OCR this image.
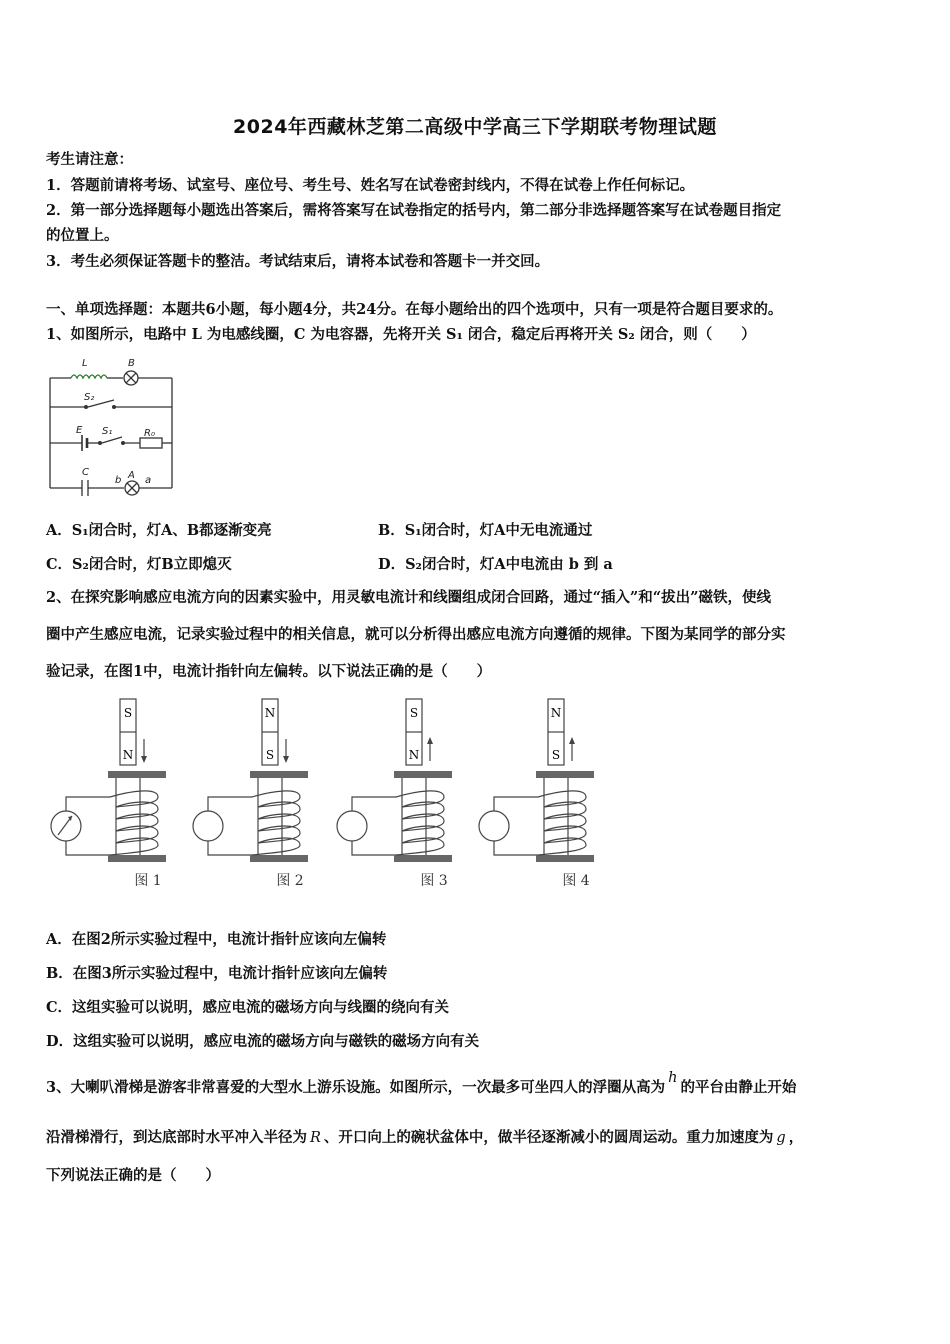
2024年西藏林芝第二高级中学高三下学期联考物理试题
考生请注意：
1．答题前请将考场、试室号、座位号、考生号、姓名写在试卷密封线内，不得在试卷上作任何标记。
2．第一部分选择题每小题选出答案后，需将答案写在试卷指定的括号内，第二部分非选择题答案写在试卷题目指定
的位置上。
3．考生必须保证答题卡的整洁。考试结束后，请将本试卷和答题卡一并交回。
一、单项选择题：本题共6小题，每小题4分，共24分。在每小题给出的四个选项中，只有一项是符合题目要求的。
1、如图所示，电路中 L 为电感线圈，C 为电容器，先将开关 S₁ 闭合，稳定后再将开关 S₂ 闭合，则（　　）
L	B
S₂
E S₁	R₀
C
b A a
A．S₁闭合时，灯A、B都逐渐变亮	B．S₁闭合时，灯A中无电流通过
C．S₂闭合时，灯B立即熄灭	D．S₂闭合时，灯A中电流由 b 到 a
2、在探究影响感应电流方向的因素实验中，用灵敏电流计和线圈组成闭合回路，通过“插入”和“拔出”磁铁，使线
圈中产生感应电流，记录实验过程中的相关信息，就可以分析得出感应电流方向遵循的规律。下图为某同学的部分实
验记录，在图1中，电流计指针向左偏转。以下说法正确的是（　　）
S
N
图 1
N
S
图 2
S
N
图 3
N
S
图 4
A．在图2所示实验过程中，电流计指针应该向左偏转
B．在图3所示实验过程中，电流计指针应该向左偏转
C．这组实验可以说明，感应电流的磁场方向与线圈的绕向有关
D．这组实验可以说明，感应电流的磁场方向与磁铁的磁场方向有关
3、大喇叭滑梯是游客非常喜爱的大型水上游乐设施。如图所示，一次最多可坐四人的浮圈从高为h的平台由静止开始
沿滑梯滑行，到达底部时水平冲入半径为 R 、开口向上的碗状盆体中，做半径逐渐减小的圆周运动。重力加速度为 g ，
下列说法正确的是（　　）
